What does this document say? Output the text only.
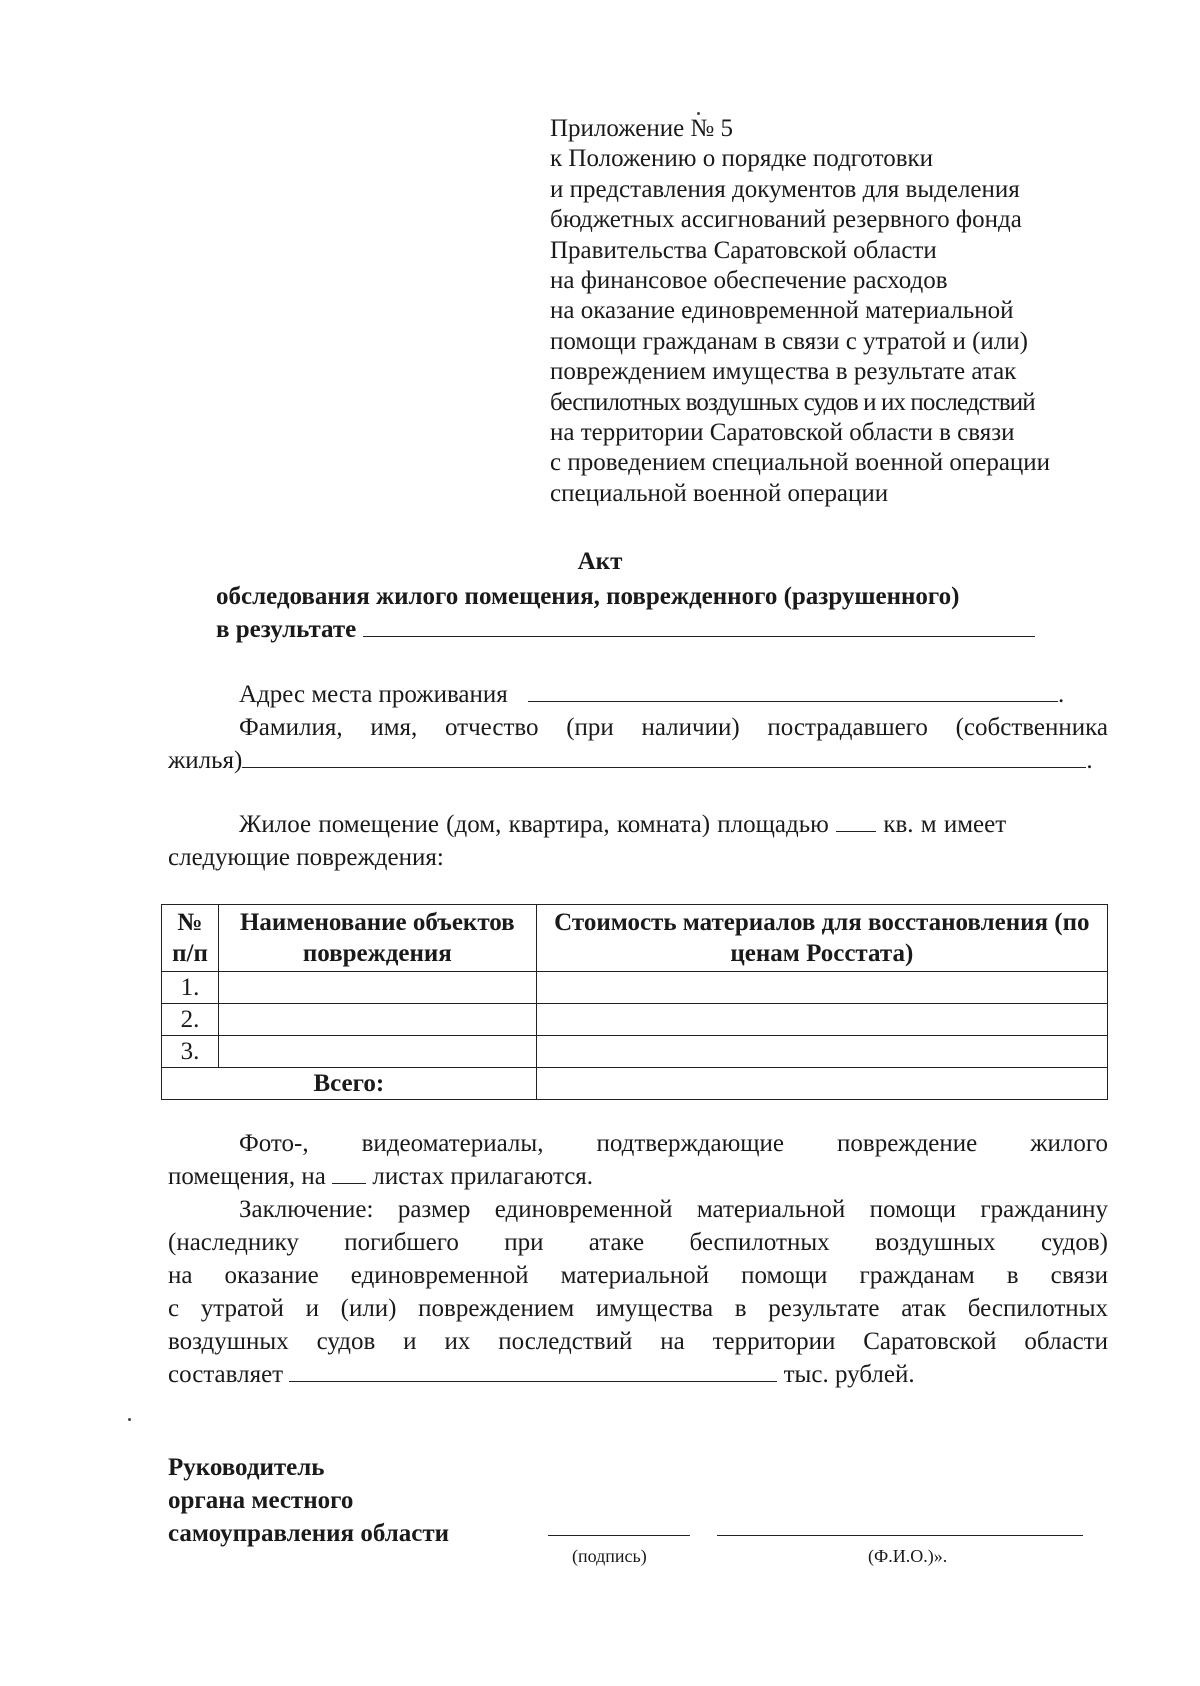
Приложение № 5
к Положению о порядке подготовки
и представления документов для выделения
бюджетных ассигнований резервного фонда
Правительства Саратовской области
на финансовое обеспечение расходов
на оказание единовременной материальной
помощи гражданам в связи с утратой и (или)
повреждением имущества в результате атак
беспилотных воздушных судов и их последствий
на территории Саратовской области в связи
с проведением специальной военной операции
специальной военной операции
Акт
обследования жилого помещения, поврежденного (разрушенного)
в результате
Адрес места проживания	.
Фамилия, имя, отчество (при наличии) пострадавшего (собственника
жилья)	.
Жилое помещение (дом, квартира, комната) площадью кв. м имеет
следующие повреждения:
№ п/п	Наименование объектов повреждения	Стоимость материалов для восстановления (по ценам Росстата)
1.		
2.		
3.		
Всего:		
Фото-, видеоматериалы, подтверждающие повреждение жилого
помещения, на листах прилагаются.
Заключение: размер единовременной материальной помощи гражданину
(наследнику погибшего при атаке беспилотных воздушных судов)
на оказание единовременной материальной помощи гражданам в связи
с утратой и (или) повреждением имущества в результате атак беспилотных
воздушных судов и их последствий на территории Саратовской области
составляет	тыс. рублей.
Руководитель
органа местного
самоуправления области
(подпись)	(Ф.И.О.)».
